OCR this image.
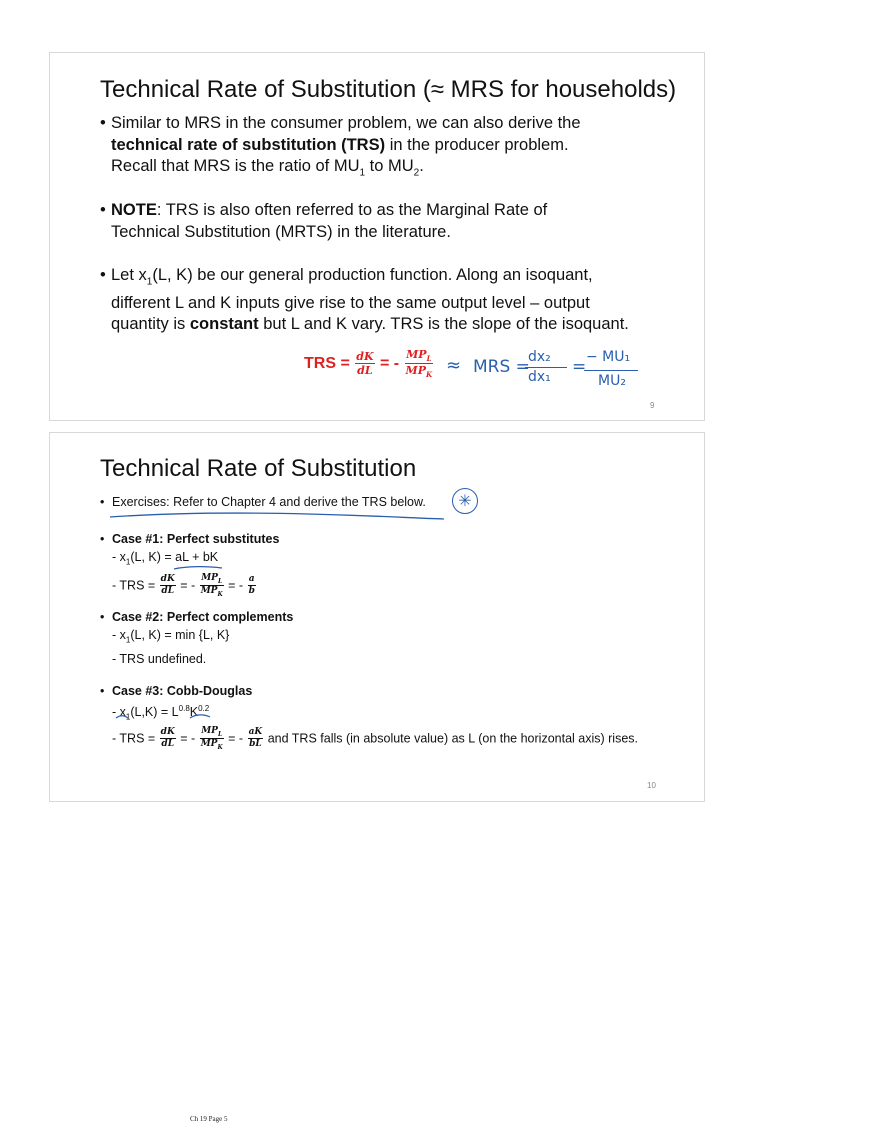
Technical Rate of Substitution (≈ MRS for households)
• Similar to MRS in the consumer problem, we can also derive the
technical rate of substitution (TRS) in the producer problem.
Recall that MRS is the ratio of $MU_1$ to $MU_2$.
• NOTE: TRS is also often referred to as the Marginal Rate of
Technical Substitution (MRTS) in the literature.
• Let $x_1(L$, K) be our general production function. Along an isoquant,
different L and K inputs give rise to the same output level – output
quantity is constant but L and K vary. TRS is the slope of the isoquant.
TRS = $\frac{dK}{dL}$ = - $\frac{MP_L}{MP_K}$ ≈ MRS =
dx₂
dx₁ = − MU₁
MU₂
9
Technical Rate of Substitution
• Exercises: Refer to Chapter 4 and derive the TRS below.	✳
• Case #1: Perfect substitutes
- $x_1(L$, K) = aL + bK
- TRS = $\frac{dK}{dL}$ = - $\frac{MP_L}{MP_K}$ = - $\frac{a}{b}$
• Case #2: Perfect complements
- $x_1(L$, K) = min {L, K}
- TRS undefined.
• Case #3: Cobb-Douglas
- $x_1(L,K) = L^{0.8}K^{0.2}$
- TRS = $\frac{dK}{dL}$ = - $\frac{MP_L}{MP_K}$ = - $\frac{aK}{bL}$ and TRS falls (in absolute value) as L (on the horizontal axis) rises.
10
Ch 19 Page 5
